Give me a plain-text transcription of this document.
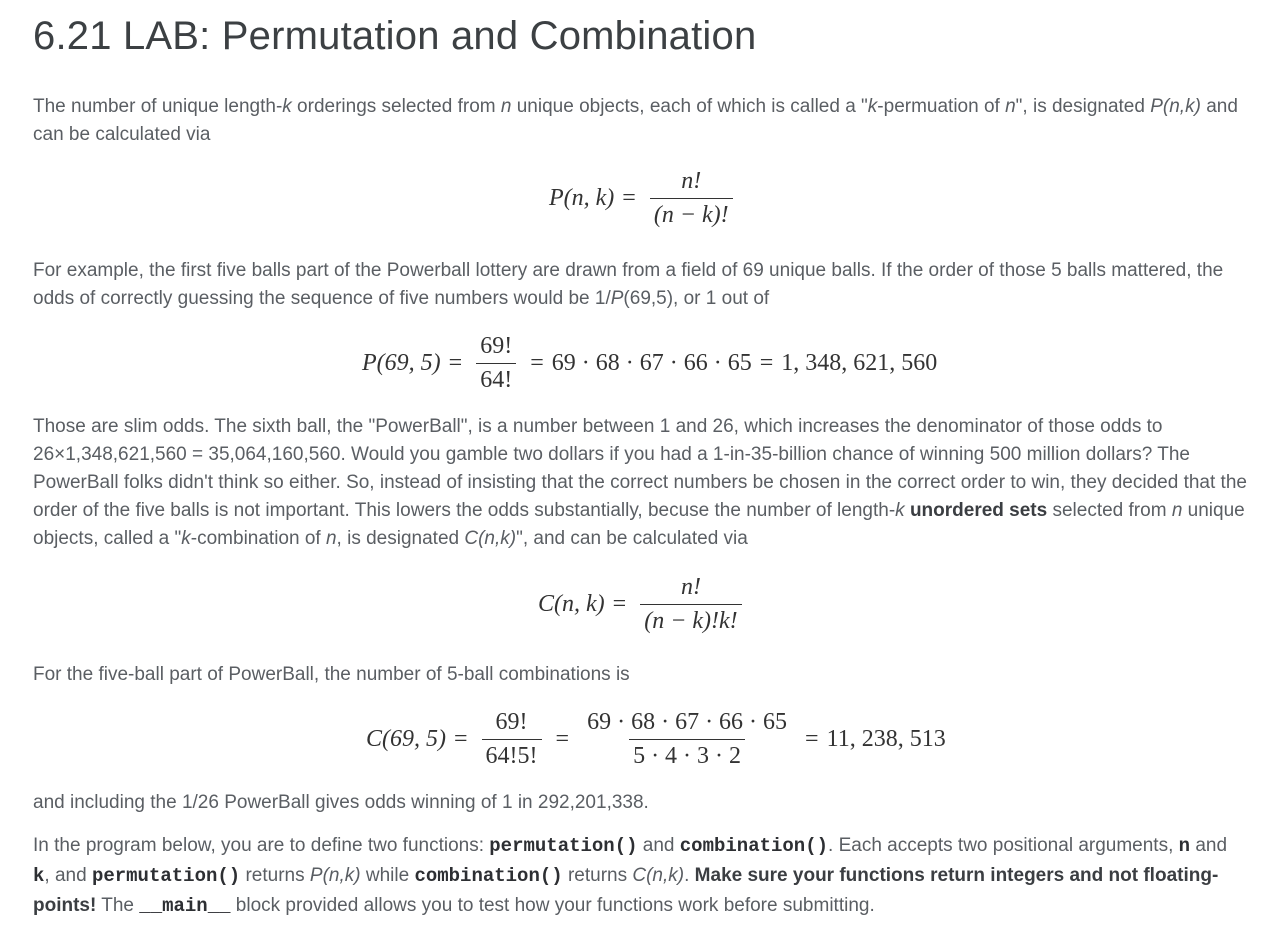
6.21 LAB: Permutation and Combination

The number of unique length-k orderings selected from n unique objects, each of which is called a "k-permuation of n", is designated P(n,k) and can be calculated via

P(n, $k) = \frac{n!}{(n - k)!}$

For example, the first five balls part of the Powerball lottery are drawn from a field of 69 unique balls. If the order of those 5 balls mattered, the odds of correctly guessing the sequence of five numbers would be 1/P(69,5), or 1 out of

P(69, $5) = \frac{69!}{64!} = 69 \cdot 68 \cdot 67 \cdot 66 \cdot 65 = 1$, 348, 621, 560

Those are slim odds. The sixth ball, the "PowerBall", is a number between 1 and 26, which increases the denominator of those odds to 26×1,348,621,560 = 35,064,160,560. Would you gamble two dollars if you had a 1-in-35-billion chance of winning 500 million dollars? The PowerBall folks didn't think so either. So, instead of insisting that the correct numbers be chosen in the correct order to win, they decided that the order of the five balls is not important. This lowers the odds substantially, becuse the number of length-k unordered sets selected from n unique objects, called a "k-combination of n, is designated C(n,k)", and can be calculated via

C(n, $k) = \frac{n!}{(n - k)!k!}$

For the five-ball part of PowerBall, the number of 5-ball combinations is

C(69, $5) = \frac{69!}{64!5!} = \frac{69 \cdot 68 \cdot 67 \cdot 66 \cdot 65}{5 \cdot 4 \cdot 3 \cdot 2} = 11$, 238, 513

and including the 1/26 PowerBall gives odds winning of 1 in 292,201,338.

In the program below, you are to define two functions: permutation() and combination(). Each accepts two positional arguments, n and k, and permutation() returns P(n,k) while combination() returns C(n,k). Make sure your functions return integers and not floating-points! The __main__ block provided allows you to test how your functions work before submitting.
